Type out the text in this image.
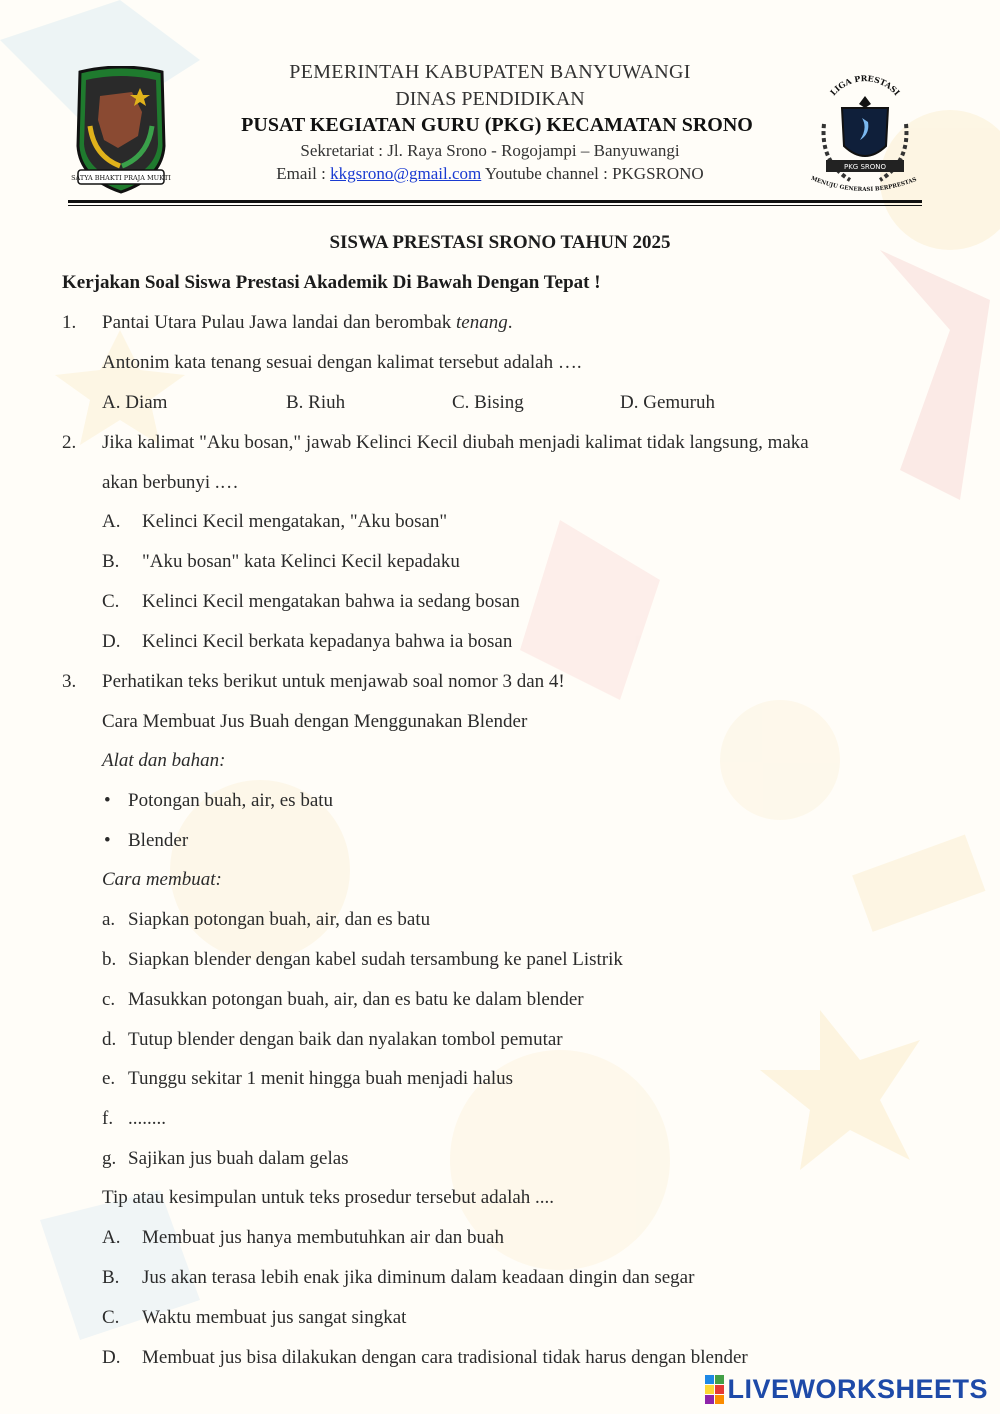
SATYA BHAKTI PRAJA MUKTI
PEMERINTAH KABUPATEN BANYUWANGI
DINAS PENDIDIKAN
PUSAT KEGIATAN GURU (PKG) KECAMATAN SRONO
Sekretariat : Jl. Raya Srono - Rogojampi – Banyuwangi
Email : kkgsrono@gmail.com Youtube channel : PKGSRONO
LIGA PRESTASI
PKG SRONO
MENUJU GENERASI BERPRESTAS
SISWA PRESTASI SRONO TAHUN 2025
Kerjakan Soal Siswa Prestasi Akademik Di Bawah Dengan Tepat !
1. Pantai Utara Pulau Jawa landai dan berombak tenang.
Antonim kata tenang sesuai dengan kalimat tersebut adalah ….
A. Diam	B. Riuh	C. Bising	D. Gemuruh
2. Jika kalimat "Aku bosan," jawab Kelinci Kecil diubah menjadi kalimat tidak langsung, maka
akan berbunyi .…
A. Kelinci Kecil mengatakan, "Aku bosan"
B. "Aku bosan" kata Kelinci Kecil kepadaku
C. Kelinci Kecil mengatakan bahwa ia sedang bosan
D. Kelinci Kecil berkata kepadanya bahwa ia bosan
3. Perhatikan teks berikut untuk menjawab soal nomor 3 dan 4!
Cara Membuat Jus Buah dengan Menggunakan Blender
Alat dan bahan:
• Potongan buah, air, es batu
• Blender
Cara membuat:
a. Siapkan potongan buah, air, dan es batu
b. Siapkan blender dengan kabel sudah tersambung ke panel Listrik
c. Masukkan potongan buah, air, dan es batu ke dalam blender
d. Tutup blender dengan baik dan nyalakan tombol pemutar
e. Tunggu sekitar 1 menit hingga buah menjadi halus
f. ........
g. Sajikan jus buah dalam gelas
Tip atau kesimpulan untuk teks prosedur tersebut adalah ....
A. Membuat jus hanya membutuhkan air dan buah
B. Jus akan terasa lebih enak jika diminum dalam keadaan dingin dan segar
C. Waktu membuat jus sangat singkat
D. Membuat jus bisa dilakukan dengan cara tradisional tidak harus dengan blender
LIVEWORKSHEETS
